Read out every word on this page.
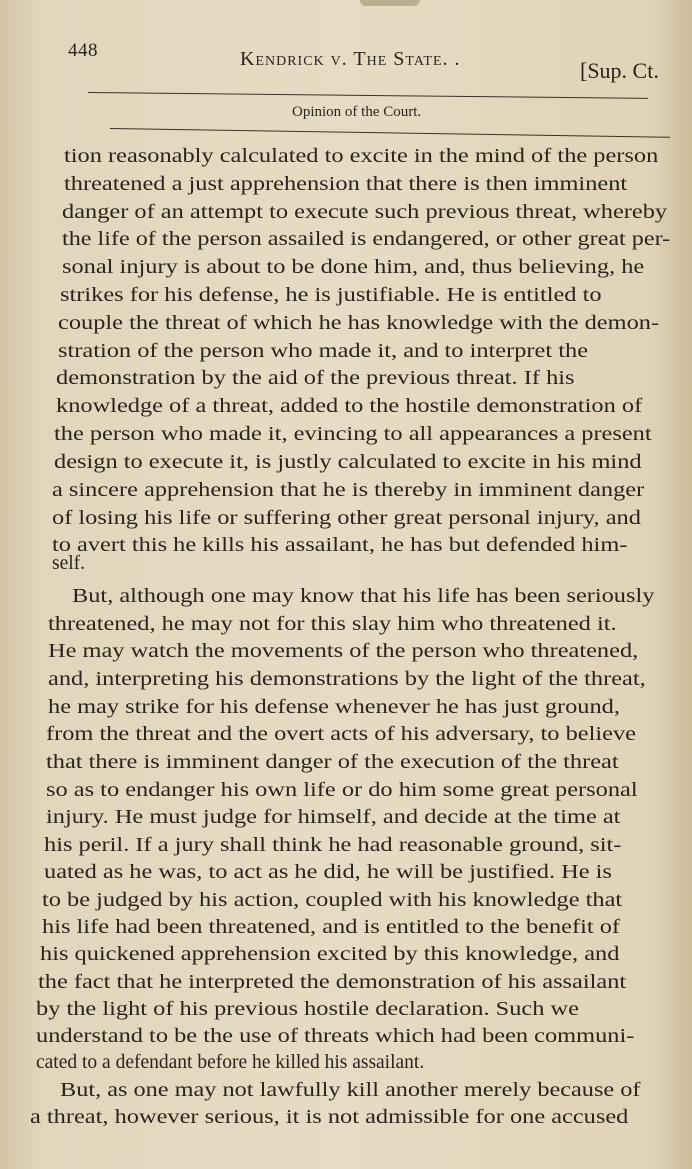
448	Kendrick v. The State. .	[Sup. Ct.
Opinion of the Court.
tion reasonably calculated to excite in the mind of the person
threatened a just apprehension that there is then imminent
danger of an attempt to execute such previous threat, whereby
the life of the person assailed is endangered, or other great per-
sonal injury is about to be done him, and, thus believing, he
strikes for his defense, he is justifiable. He is entitled to
couple the threat of which he has knowledge with the demon-
stration of the person who made it, and to interpret the
demonstration by the aid of the previous threat. If his
knowledge of a threat, added to the hostile demonstration of
the person who made it, evincing to all appearances a present
design to execute it, is justly calculated to excite in his mind
a sincere apprehension that he is thereby in imminent danger
of losing his life or suffering other great personal injury, and
to avert this he kills his assailant, he has but defended him-
self.
But, although one may know that his life has been seriously
threatened, he may not for this slay him who threatened it.
He may watch the movements of the person who threatened,
and, interpreting his demonstrations by the light of the threat,
he may strike for his defense whenever he has just ground,
from the threat and the overt acts of his adversary, to believe
that there is imminent danger of the execution of the threat
so as to endanger his own life or do him some great personal
injury. He must judge for himself, and decide at the time at
his peril. If a jury shall think he had reasonable ground, sit-
uated as he was, to act as he did, he will be justified. He is
to be judged by his action, coupled with his knowledge that
his life had been threatened, and is entitled to the benefit of
his quickened apprehension excited by this knowledge, and
the fact that he interpreted the demonstration of his assailant
by the light of his previous hostile declaration. Such we
understand to be the use of threats which had been communi-
cated to a defendant before he killed his assailant.
But, as one may not lawfully kill another merely because of
a threat, however serious, it is not admissible for one accused
